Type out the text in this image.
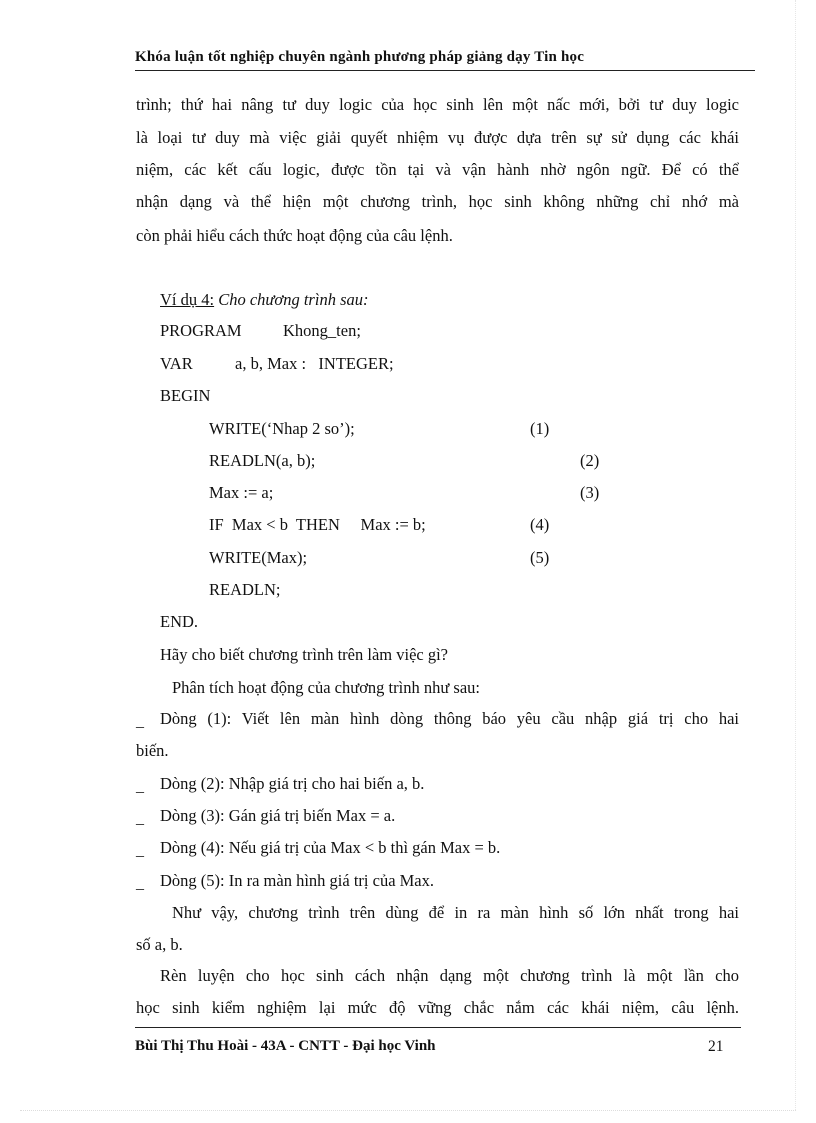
Khóa luận tốt nghiệp chuyên ngành phương pháp giảng dạy Tin học
trình; thứ hai nâng tư duy logic của học sinh lên một nấc mới, bởi tư duy logic
là loại tư duy mà việc giải quyết nhiệm vụ được dựa trên sự sử dụng các khái
niệm, các kết cấu logic, được tồn tại và vận hành nhờ ngôn ngữ. Để có thể
nhận dạng và thể hiện một chương trình, học sinh không những chỉ nhớ mà
còn phải hiểu cách thức hoạt động của câu lệnh.
Ví dụ 4: Cho chương trình sau:
PROGRAM	Khong_ten;
VAR	a, b, Max :   INTEGER;
BEGIN
WRITE(‘Nhap 2 so’);	(1)
READLN(a, b);	(2)
Max := a;	(3)
IF  Max < b  THEN     Max := b;	(4)
WRITE(Max);	(5)
READLN;
END.
Hãy cho biết chương trình trên làm việc gì?
Phân tích hoạt động của chương trình như sau:
_ Dòng (1): Viết lên màn hình dòng thông báo yêu cầu nhập giá trị cho hai
biến.
_ Dòng (2): Nhập giá trị cho hai biến a, b.
_ Dòng (3): Gán giá trị biến Max = a.
_ Dòng (4): Nếu giá trị của Max < b thì gán Max = b.
_ Dòng (5): In ra màn hình giá trị của Max.
Như vậy, chương trình trên dùng để in ra màn hình số lớn nhất trong hai
số a, b.
Rèn luyện cho học sinh cách nhận dạng một chương trình là một lần cho
học sinh kiểm nghiệm lại mức độ vững chắc nắm các khái niệm, câu lệnh.
Bùi Thị Thu Hoài - 43A - CNTT - Đại học Vinh	21
